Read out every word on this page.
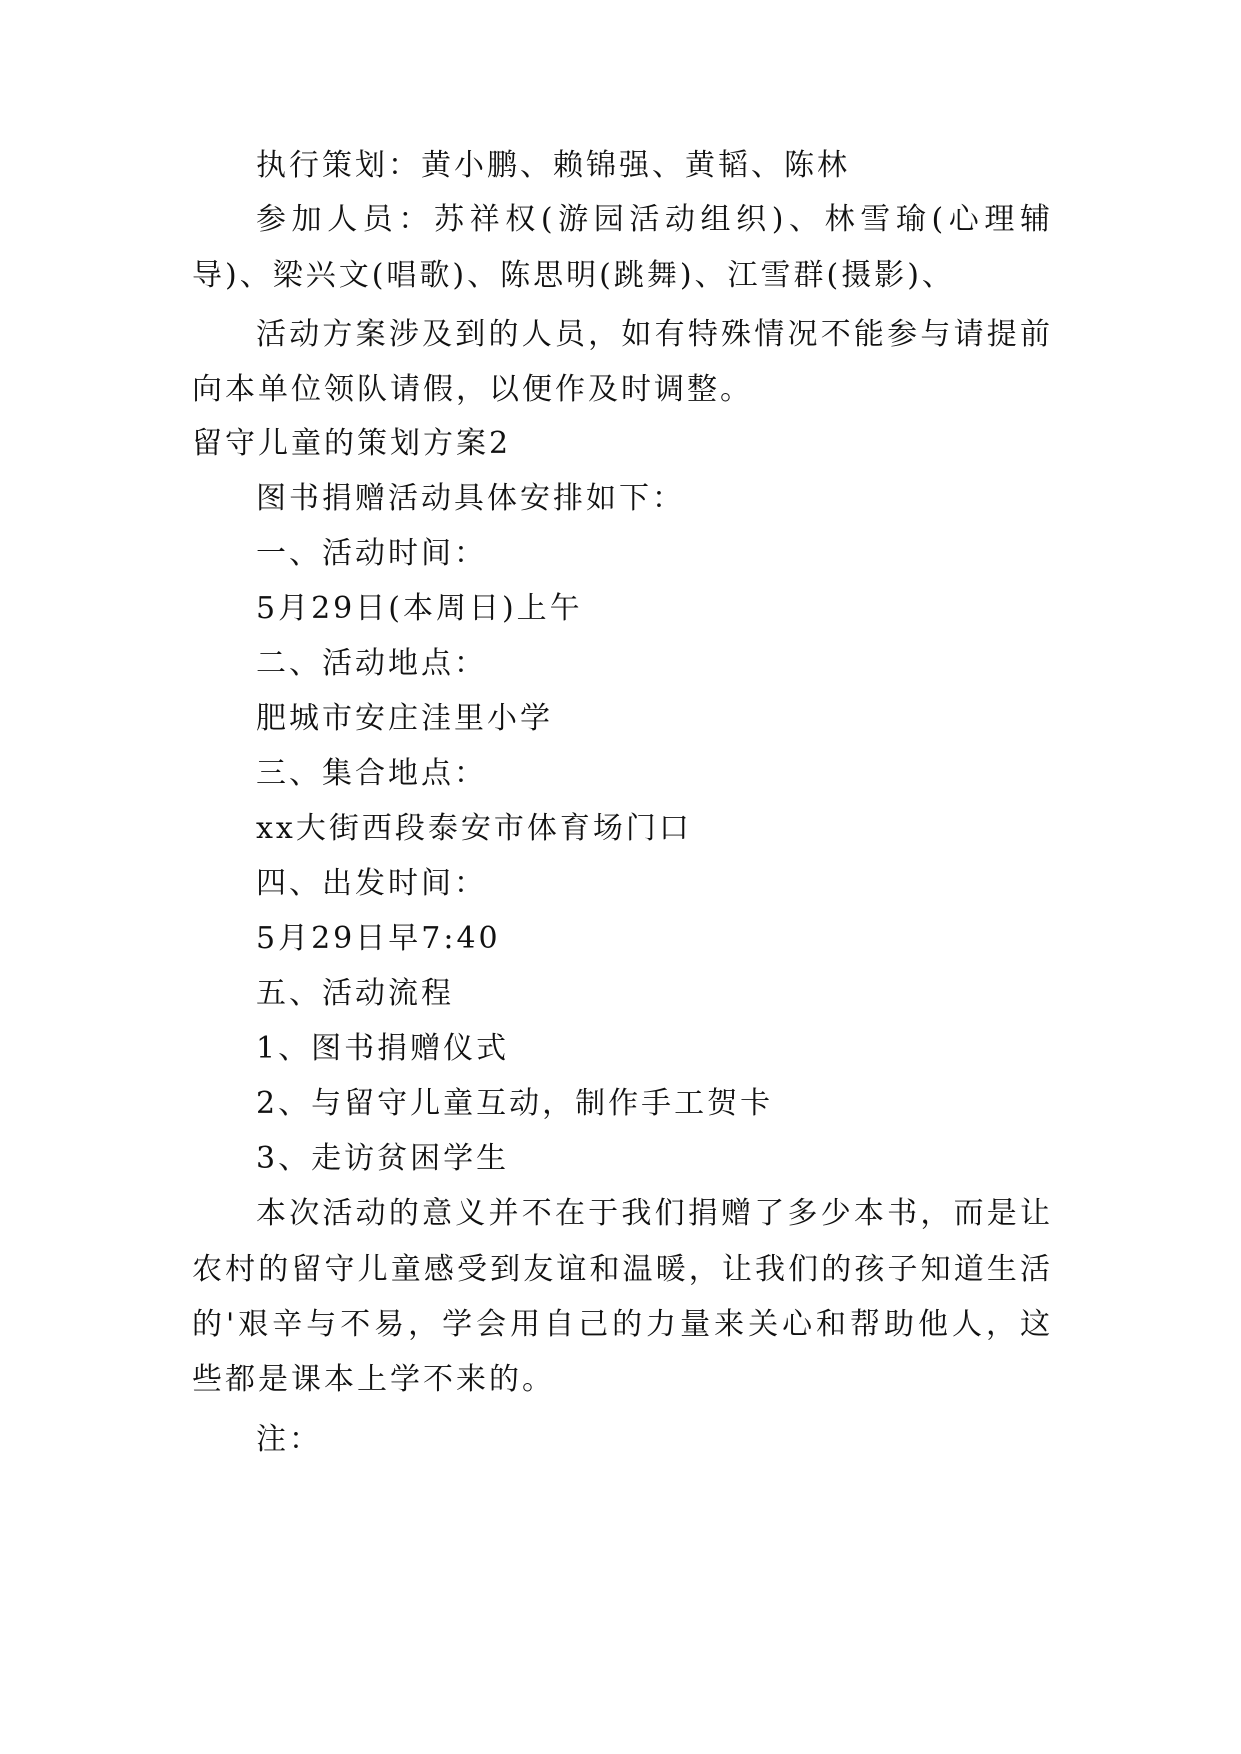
执行策划：黄小鹏、赖锦强、黄韬、陈林
参加人员：苏祥权(游园活动组织)、林雪瑜(心理辅
导)、梁兴文(唱歌)、陈思明(跳舞)、江雪群(摄影)、
活动方案涉及到的人员，如有特殊情况不能参与请提前
向本单位领队请假，以便作及时调整。
留守儿童的策划方案2
图书捐赠活动具体安排如下：
一、活动时间：
5月29日(本周日)上午
二、活动地点：
肥城市安庄洼里小学
三、集合地点：
xx大街西段泰安市体育场门口
四、出发时间：
5月29日早7:40
五、活动流程
1、图书捐赠仪式
2、与留守儿童互动，制作手工贺卡
3、走访贫困学生
本次活动的意义并不在于我们捐赠了多少本书，而是让
农村的留守儿童感受到友谊和温暖，让我们的孩子知道生活
的'艰辛与不易，学会用自己的力量来关心和帮助他人，这
些都是课本上学不来的。
注：
